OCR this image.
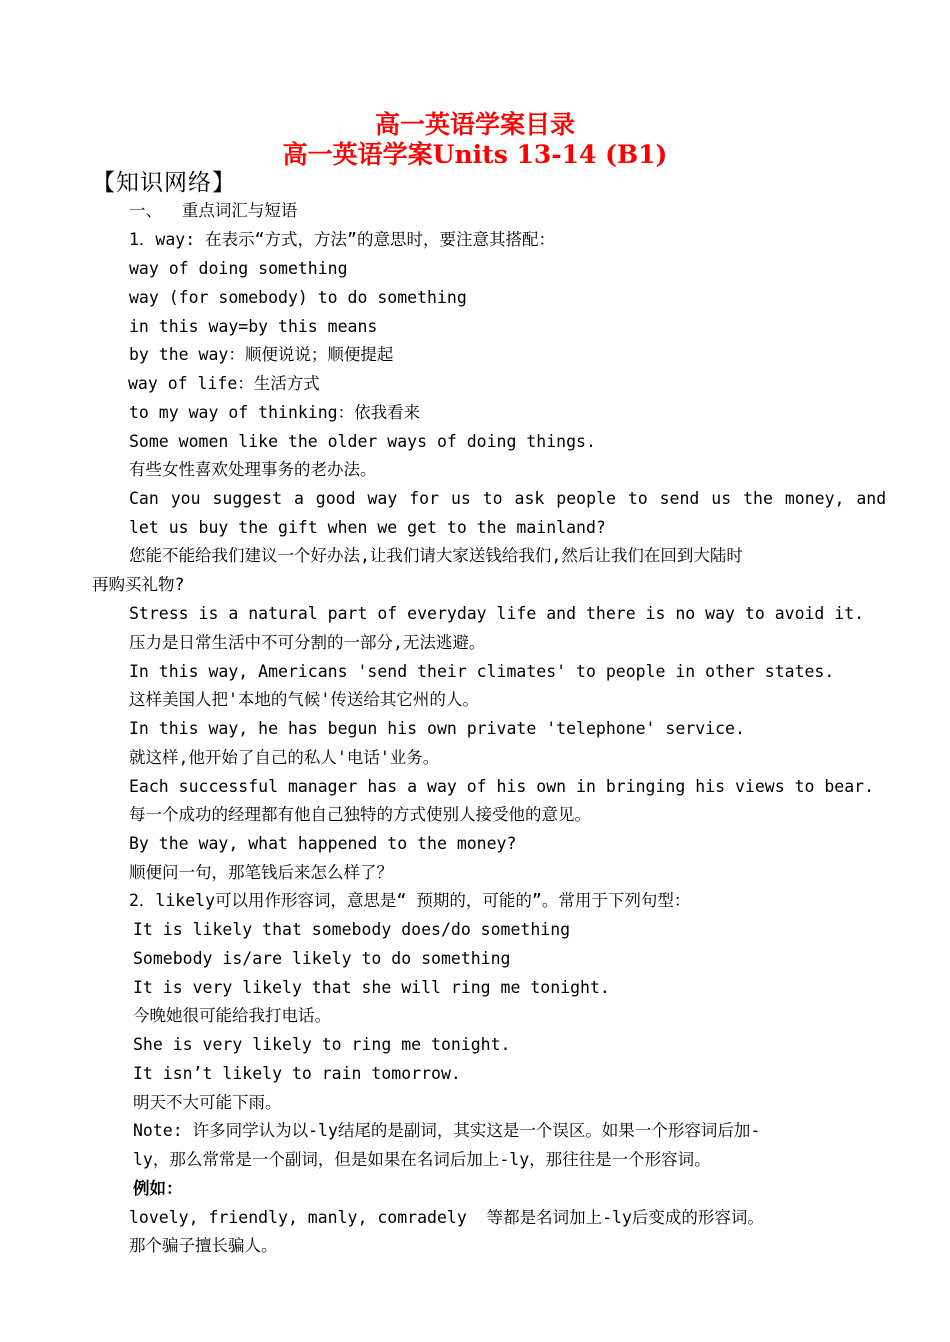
高一英语学案目录
高一英语学案Units 13-14 (B1)
【知识网络】
一、  重点词汇与短语
1．way: 在表示“方式，方法”的意思时，要注意其搭配：
way of doing something
way (for somebody) to do something
in this way=by this means
by the way：顺便说说；顺便提起
way of life：生活方式
to my way of thinking：依我看来
Some women like the older ways of doing things.
有些女性喜欢处理事务的老办法。
Can you suggest a good way for us to ask people to send us the money, and
let us buy the gift when we get to the mainland?
您能不能给我们建议一个好办法,让我们请大家送钱给我们,然后让我们在回到大陆时
再购买礼物?
Stress is a natural part of everyday life and there is no way to avoid it.
压力是日常生活中不可分割的一部分,无法逃避。
In this way, Americans 'send their climates' to people in other states.
这样美国人把'本地的气候'传送给其它州的人。
In this way, he has begun his own private 'telephone' service.
就这样,他开始了自己的私人'电话'业务。
Each successful manager has a way of his own in bringing his views to bear.
每一个成功的经理都有他自己独特的方式使别人接受他的意见。
By the way, what happened to the money?
顺便问一句，那笔钱后来怎么样了？
2．likely可以用作形容词，意思是“ 预期的，可能的”。常用于下列句型：
It is likely that somebody does/do something
Somebody is/are likely to do something
It is very likely that she will ring me tonight.
今晚她很可能给我打电话。
She is very likely to ring me tonight.
It isn’t likely to rain tomorrow.
明天不大可能下雨。
Note: 许多同学认为以-ly结尾的是副词，其实这是一个误区。如果一个形容词后加-
ly，那么常常是一个副词，但是如果在名词后加上-ly，那往往是一个形容词。
例如：
lovely, friendly, manly, comradely  等都是名词加上-ly后变成的形容词。
那个骗子擅长骗人。
